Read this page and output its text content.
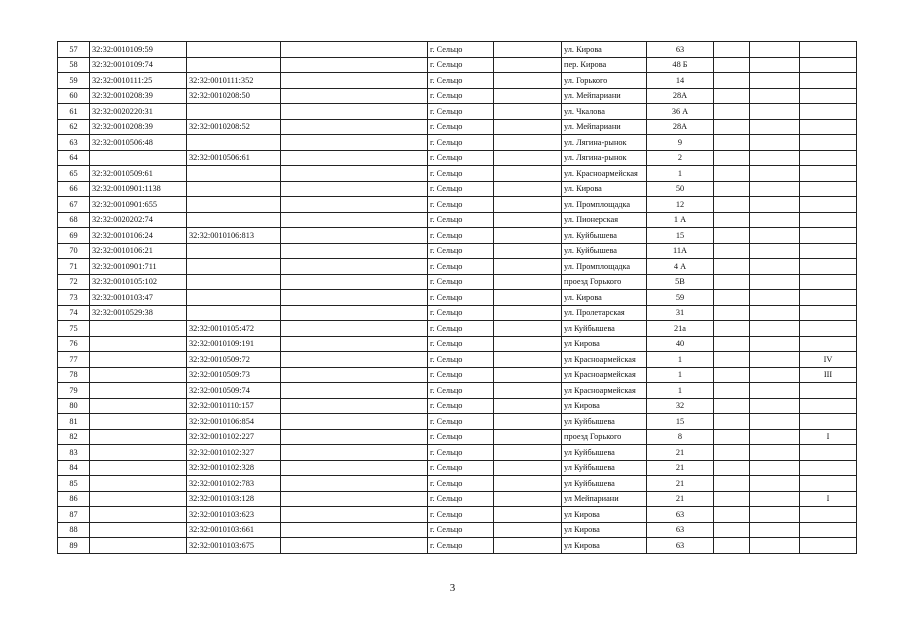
57	32:32:0010109:59			г. Сельцо		ул. Кирова	63			
58	32:32:0010109:74			г. Сельцо		пер. Кирова	48 Б			
59	32:32:0010111:25	32:32:0010111:352		г. Сельцо		ул. Горького	14			
60	32:32:0010208:39	32:32:0010208:50		г. Сельцо		ул. Мейпариани	28А			
61	32:32:0020220:31			г. Сельцо		ул. Чкалова	36 А			
62	32:32:0010208:39	32:32:0010208:52		г. Сельцо		ул. Мейпариани	28А			
63	32:32:0010506:48			г. Сельцо		ул. Лягина-рынок	9			
64		32:32:0010506:61		г. Сельцо		ул. Лягина-рынок	2			
65	32:32:0010509:61			г. Сельцо		ул. Красноармейская	1			
66	32:32:0010901:1138			г. Сельцо		ул. Кирова	50			
67	32:32:0010901:655			г. Сельцо		ул. Промплощадка	12			
68	32:32:0020202:74			г. Сельцо		ул. Пионерская	1 А			
69	32:32:0010106:24	32:32:0010106:813		г. Сельцо		ул. Куйбышева	15			
70	32:32:0010106:21			г. Сельцо		ул. Куйбышева	11А			
71	32:32:0010901:711			г. Сельцо		ул. Промплощадка	4 А			
72	32:32:0010105:102			г. Сельцо		проезд Горького	5В			
73	32:32:0010103:47			г. Сельцо		ул. Кирова	59			
74	32:32:0010529:38			г. Сельцо		ул. Пролетарская	31			
75		32:32:0010105:472		г. Сельцо		ул Куйбышева	21а			
76		32:32:0010109:191		г. Сельцо		ул Кирова	40			
77		32:32:0010509:72		г. Сельцо		ул Красноармейская	1			IV
78		32:32:0010509:73		г. Сельцо		ул Красноармейская	1			III
79		32:32:0010509:74		г. Сельцо		ул Красноармейская	1			
80		32:32:0010110:157		г. Сельцо		ул Кирова	32			
81		32:32:0010106:854		г. Сельцо		ул Куйбышева	15			
82		32:32:0010102:227		г. Сельцо		проезд Горького	8			I
83		32:32:0010102:327		г. Сельцо		ул Куйбышева	21			
84		32:32:0010102:328		г. Сельцо		ул Куйбышева	21			
85		32:32:0010102:783		г. Сельцо		ул Куйбышева	21			
86		32:32:0010103:128		г. Сельцо		ул Мейпариани	21			I
87		32:32:0010103:623		г. Сельцо		ул Кирова	63			
88		32:32:0010103:661		г. Сельцо		ул Кирова	63			
89		32:32:0010103:675		г. Сельцо		ул Кирова	63			
3
